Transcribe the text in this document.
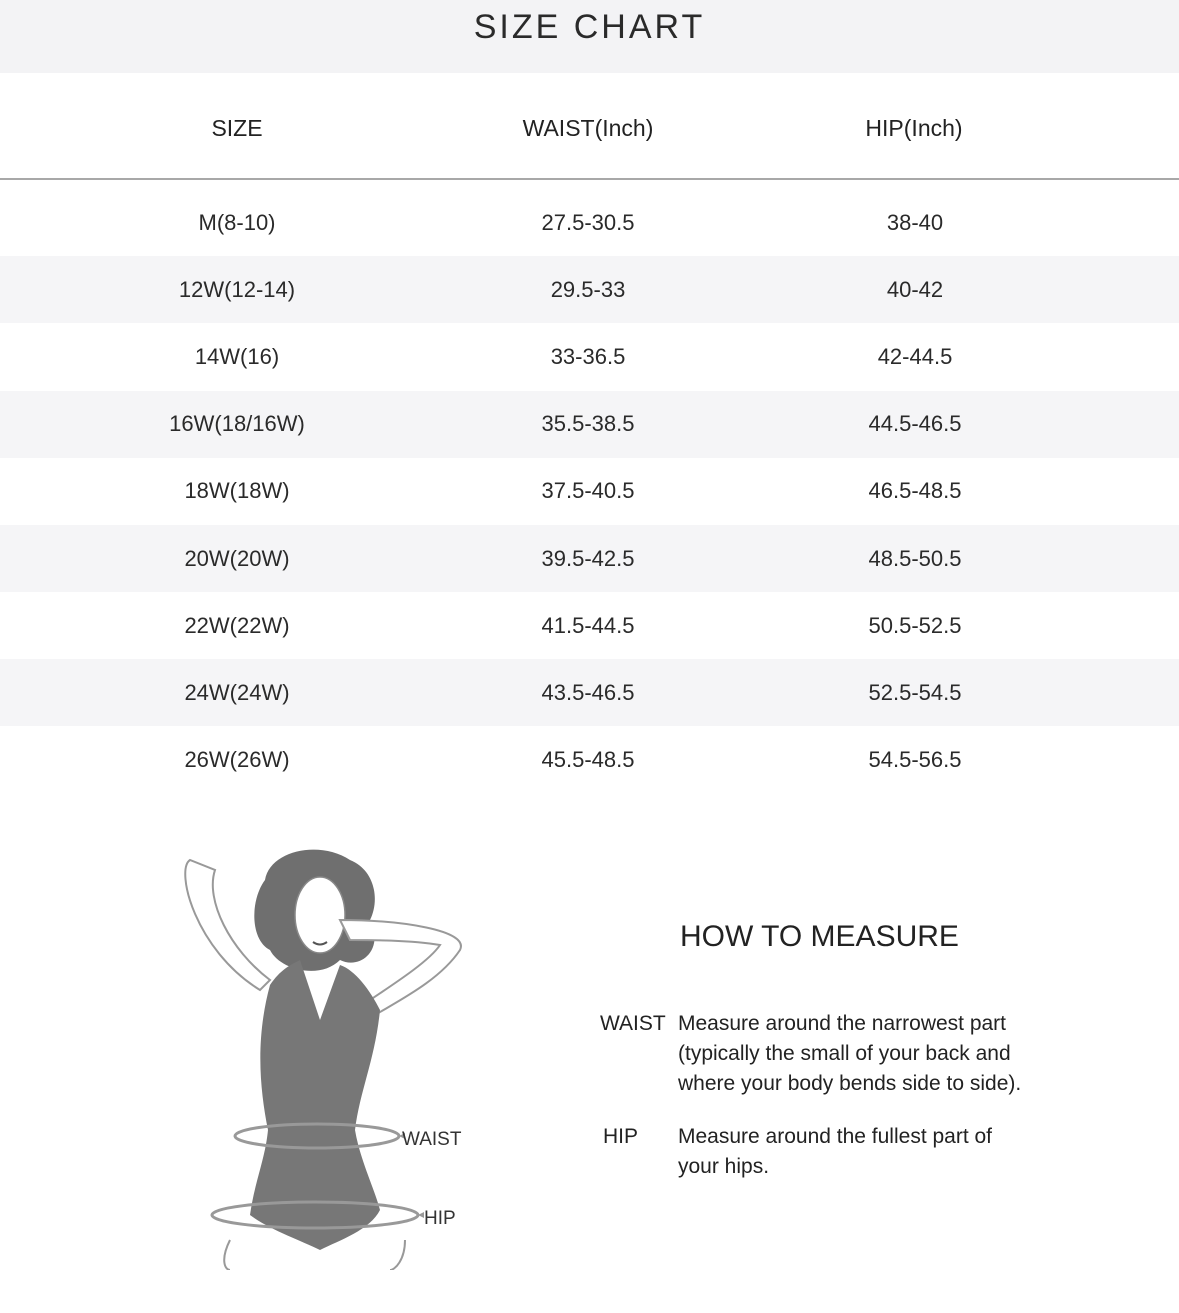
SIZE CHART
SIZE	WAIST(Inch)	HIP(Inch)
M(8-10)	27.5-30.5	38-40
12W(12-14)	29.5-33	40-42
14W(16)	33-36.5	42-44.5
16W(18/16W)	35.5-38.5	44.5-46.5
18W(18W)	37.5-40.5	46.5-48.5
20W(20W)	39.5-42.5	48.5-50.5
22W(22W)	41.5-44.5	50.5-52.5
24W(24W)	43.5-46.5	52.5-54.5
26W(26W)	45.5-48.5	54.5-56.5
WAIST
HIP
HOW TO MEASURE
WAIST Measure around the narrowest part (typically the small of your back and where your body bends side to side).
HIP Measure around the fullest part of your hips.
